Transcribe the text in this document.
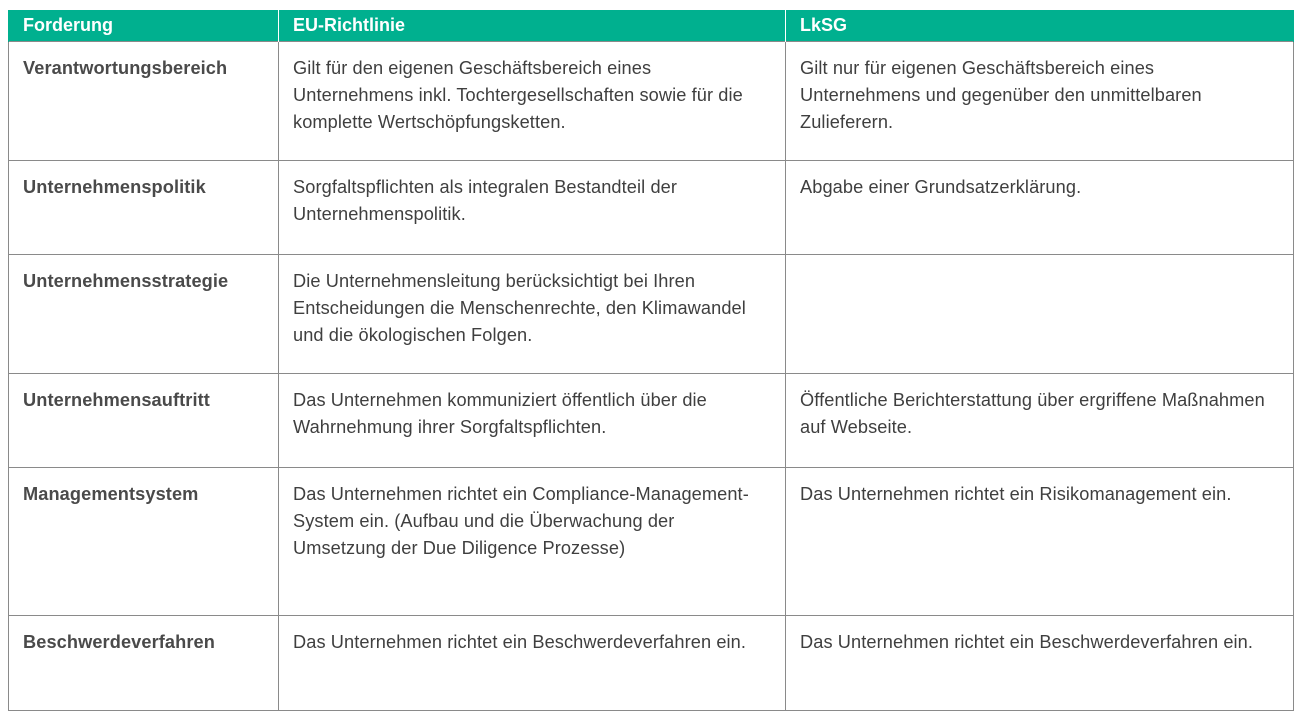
Forderung	EU-Richtlinie	LkSG
Verantwortungsbereich	Gilt für den eigenen Geschäftsbereich eines Unternehmens inkl. Tochtergesellschaften sowie für die komplette Wertschöpfungsketten.	Gilt nur für eigenen Geschäftsbereich eines Unternehmens und gegenüber den unmittelbaren Zulieferern.
Unternehmenspolitik	Sorgfaltspflichten als integralen Bestandteil der Unternehmenspolitik.	Abgabe einer Grundsatzerklärung.
Unternehmensstrategie	Die Unternehmensleitung berücksichtigt bei Ihren Entscheidungen die Menschenrechte, den Klimawandel und die ökologischen Folgen.	
Unternehmensauftritt	Das Unternehmen kommuniziert öffentlich über die Wahrnehmung ihrer Sorgfaltspflichten.	Öffentliche Berichterstattung über ergriffene Maßnahmen auf Webseite.
Managementsystem	Das Unternehmen richtet ein Compliance-Management-System ein. (Aufbau und die Überwachung der Umsetzung der Due Diligence Prozesse)	Das Unternehmen richtet ein Risikomanagement ein.
Beschwerdeverfahren	Das Unternehmen richtet ein Beschwerdeverfahren ein.	Das Unternehmen richtet ein Beschwerdeverfahren ein.
